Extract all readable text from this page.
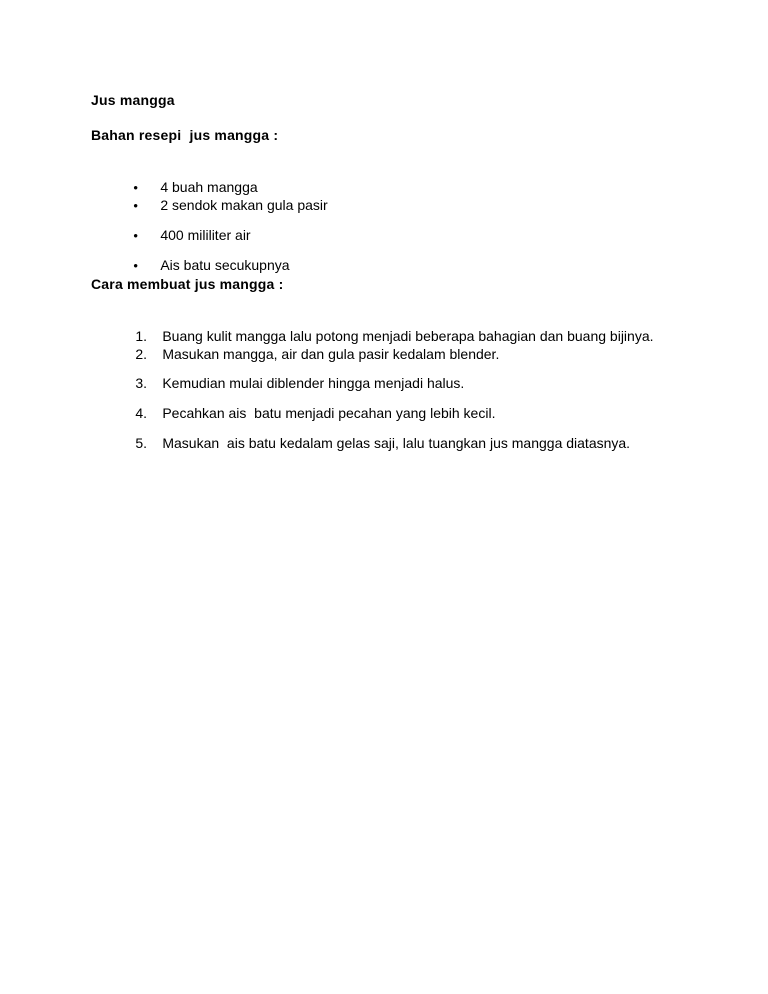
Jus mangga
Bahan resepi  jus mangga :

• 4 buah mangga

• 2 sendok makan gula pasir

• 400 mililiter air

• Ais batu secukupnya

Cara membuat jus mangga :

1. Buang kulit mangga lalu potong menjadi beberapa bahagian dan buang bijinya.

2. Masukan mangga, air dan gula pasir kedalam blender.

3. Kemudian mulai diblender hingga menjadi halus.

4. Pecahkan ais  batu menjadi pecahan yang lebih kecil.

5. Masukan  ais batu kedalam gelas saji, lalu tuangkan jus mangga diatasnya.
